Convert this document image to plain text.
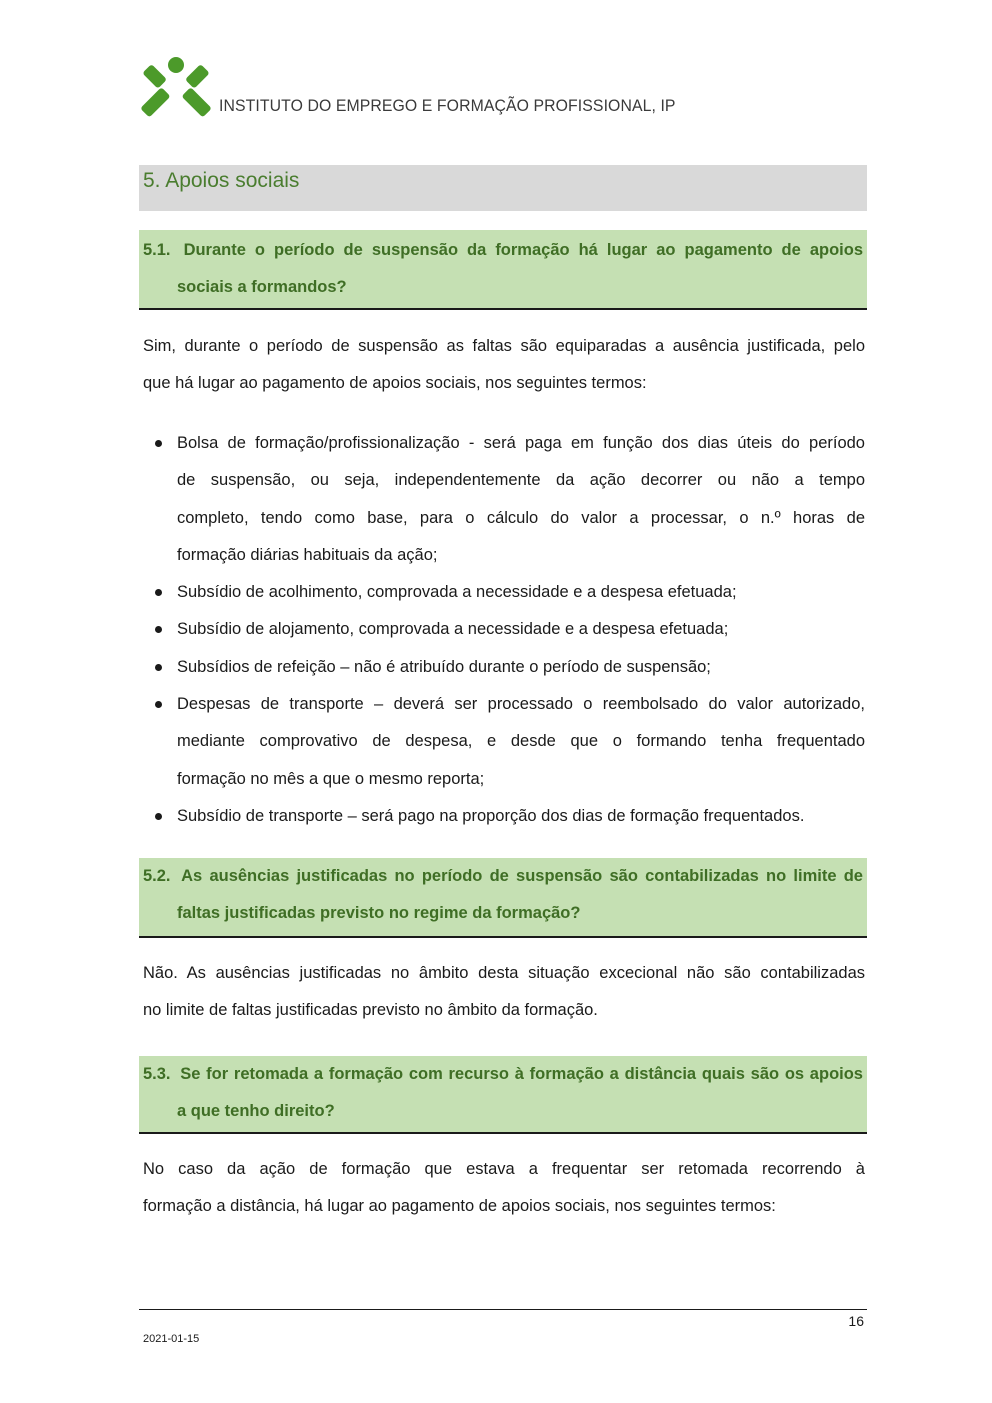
INSTITUTO DO EMPREGO E FORMAÇÃO PROFISSIONAL, IP
5. Apoios sociais
5.1. Durante o período de suspensão da formação há lugar ao pagamento de apoios
sociais a formandos?
Sim, durante o período de suspensão as faltas são equiparadas a ausência justificada, pelo
que há lugar ao pagamento de apoios sociais, nos seguintes termos:
Bolsa de formação/profissionalização - será paga em função dos dias úteis do período
de suspensão, ou seja, independentemente da ação decorrer ou não a tempo
completo, tendo como base, para o cálculo do valor a processar, o n.º horas de
formação diárias habituais da ação;
Subsídio de acolhimento, comprovada a necessidade e a despesa efetuada;
Subsídio de alojamento, comprovada a necessidade e a despesa efetuada;
Subsídios de refeição – não é atribuído durante o período de suspensão;
Despesas de transporte – deverá ser processado o reembolsado do valor autorizado,
mediante comprovativo de despesa, e desde que o formando tenha frequentado
formação no mês a que o mesmo reporta;
Subsídio de transporte – será pago na proporção dos dias de formação frequentados.
5.2. As ausências justificadas no período de suspensão são contabilizadas no limite de
faltas justificadas previsto no regime da formação?
Não. As ausências justificadas no âmbito desta situação excecional não são contabilizadas
no limite de faltas justificadas previsto no âmbito da formação.
5.3. Se for retomada a formação com recurso à formação a distância quais são os apoios
a que tenho direito?
No caso da ação de formação que estava a frequentar ser retomada recorrendo à
formação a distância, há lugar ao pagamento de apoios sociais, nos seguintes termos:
16
2021-01-15
